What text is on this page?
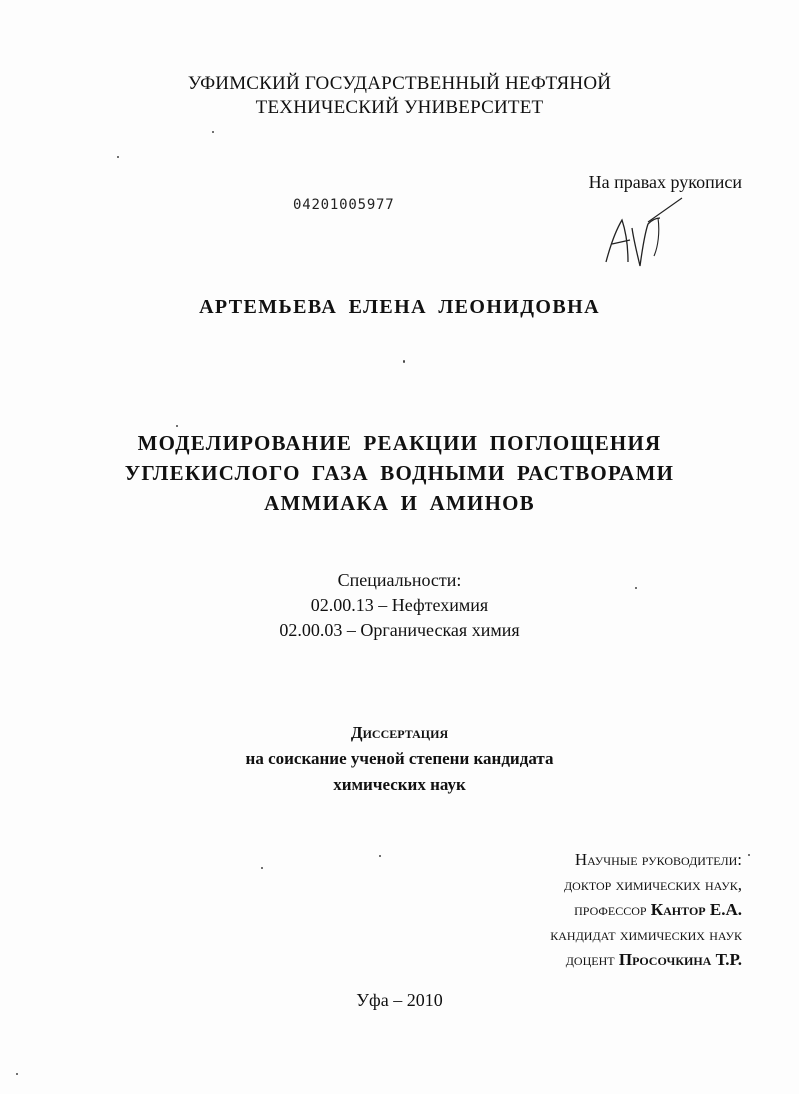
УФИМСКИЙ ГОСУДАРСТВЕННЫЙ НЕФТЯНОЙ
ТЕХНИЧЕСКИЙ УНИВЕРСИТЕТ
На правах рукописи
04201005977
АРТЕМЬЕВА ЕЛЕНА ЛЕОНИДОВНА
МОДЕЛИРОВАНИЕ РЕАКЦИИ ПОГЛОЩЕНИЯ
УГЛЕКИСЛОГО ГАЗА ВОДНЫМИ РАСТВОРАМИ
АММИАКА И АМИНОВ
Специальности:
02.00.13 – Нефтехимия
02.00.03 – Органическая химия
Диссертация
на соискание ученой степени кандидата
химических наук
Научные руководители:
доктор химических наук,
профессор Кантор Е.А.
кандидат химических наук
доцент Просочкина Т.Р.
Уфа – 2010
